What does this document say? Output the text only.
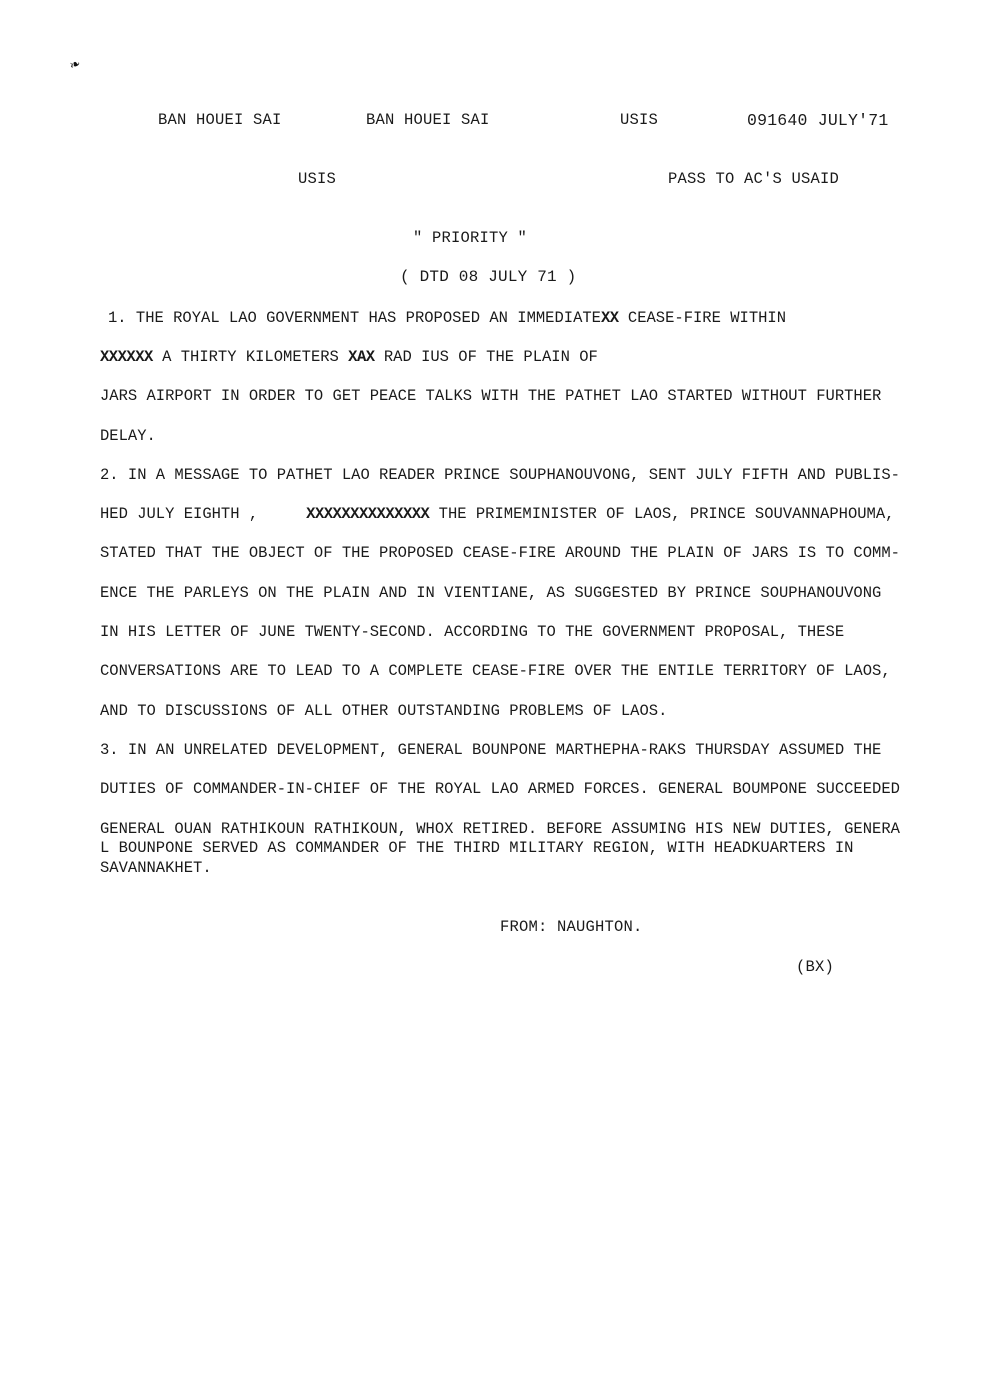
❧
BAN HOUEI SAI	BAN HOUEI SAI	USIS	091640 JULY'71
USIS	PASS TO AC'S USAID
" PRIORITY "
( DTD 08 JULY 71 )
1. THE ROYAL LAO GOVERNMENT HAS PROPOSED AN IMMEDIATEXX CEASE-FIRE WITHIN
XXXXXX A THIRTY KILOMETERS XAX RAD IUS OF THE PLAIN OF
JARS AIRPORT IN ORDER TO GET PEACE TALKS WITH THE PATHET LAO STARTED WITHOUT FURTHER
DELAY.
2. IN A MESSAGE TO PATHET LAO READER PRINCE SOUPHANOUVONG, SENT JULY FIFTH AND PUBLIS-
HED JULY EIGHTH ,	XXXXXXXXXXXXXX THE PRIMEMINISTER OF LAOS, PRINCE SOUVANNAPHOUMA,
STATED THAT THE OBJECT OF THE PROPOSED CEASE-FIRE AROUND THE PLAIN OF JARS IS TO COMM-
ENCE THE PARLEYS ON THE PLAIN AND IN VIENTIANE, AS SUGGESTED BY PRINCE SOUPHANOUVONG
IN HIS LETTER OF JUNE TWENTY-SECOND. ACCORDING TO THE GOVERNMENT PROPOSAL, THESE
CONVERSATIONS ARE TO LEAD TO A COMPLETE CEASE-FIRE OVER THE ENTILE TERRITORY OF LAOS,
AND TO DISCUSSIONS OF ALL OTHER OUTSTANDING PROBLEMS OF LAOS.
3. IN AN UNRELATED DEVELOPMENT, GENERAL BOUNPONE MARTHEPHA-RAKS THURSDAY ASSUMED THE
DUTIES OF COMMANDER-IN-CHIEF OF THE ROYAL LAO ARMED FORCES. GENERAL BOUMPONE SUCCEEDED
GENERAL OUAN RATHIKOUN RATHIKOUN, WHOX RETIRED. BEFORE ASSUMING HIS NEW DUTIES, GENERA
L BOUNPONE SERVED AS COMMANDER OF THE THIRD MILITARY REGION, WITH HEADKUARTERS IN
SAVANNAKHET.
FROM: NAUGHTON.
(BX)
